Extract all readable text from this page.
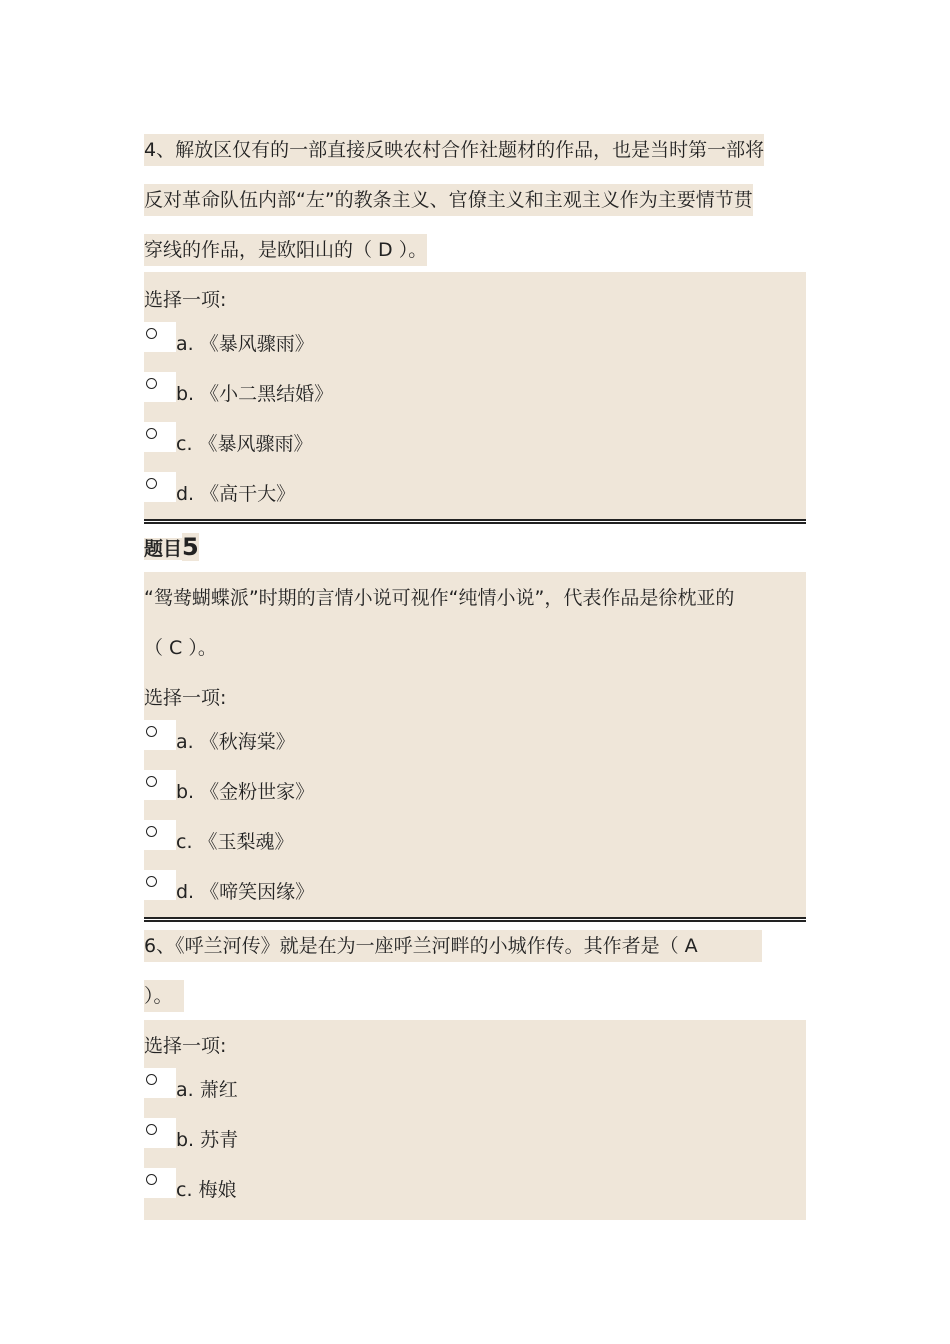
4、解放区仅有的一部直接反映农村合作社题材的作品，也是当时第一部将
反对革命队伍内部“左”的教条主义、官僚主义和主观主义作为主要情节贯
穿线的作品，是欧阳山的（ D ）。
选择一项:
a. 《暴风骤雨》
b. 《小二黑结婚》
c. 《暴风骤雨》
d. 《高干大》
题目5
“鸳鸯蝴蝶派”时期的言情小说可视作“纯情小说”，代表作品是徐枕亚的
（ C ）。
选择一项:
a. 《秋海棠》
b. 《金粉世家》
c. 《玉梨魂》
d. 《啼笑因缘》
6、《呼兰河传》就是在为一座呼兰河畔的小城作传。其作者是（ A
）。
选择一项:
a. 萧红
b. 苏青
c. 梅娘
